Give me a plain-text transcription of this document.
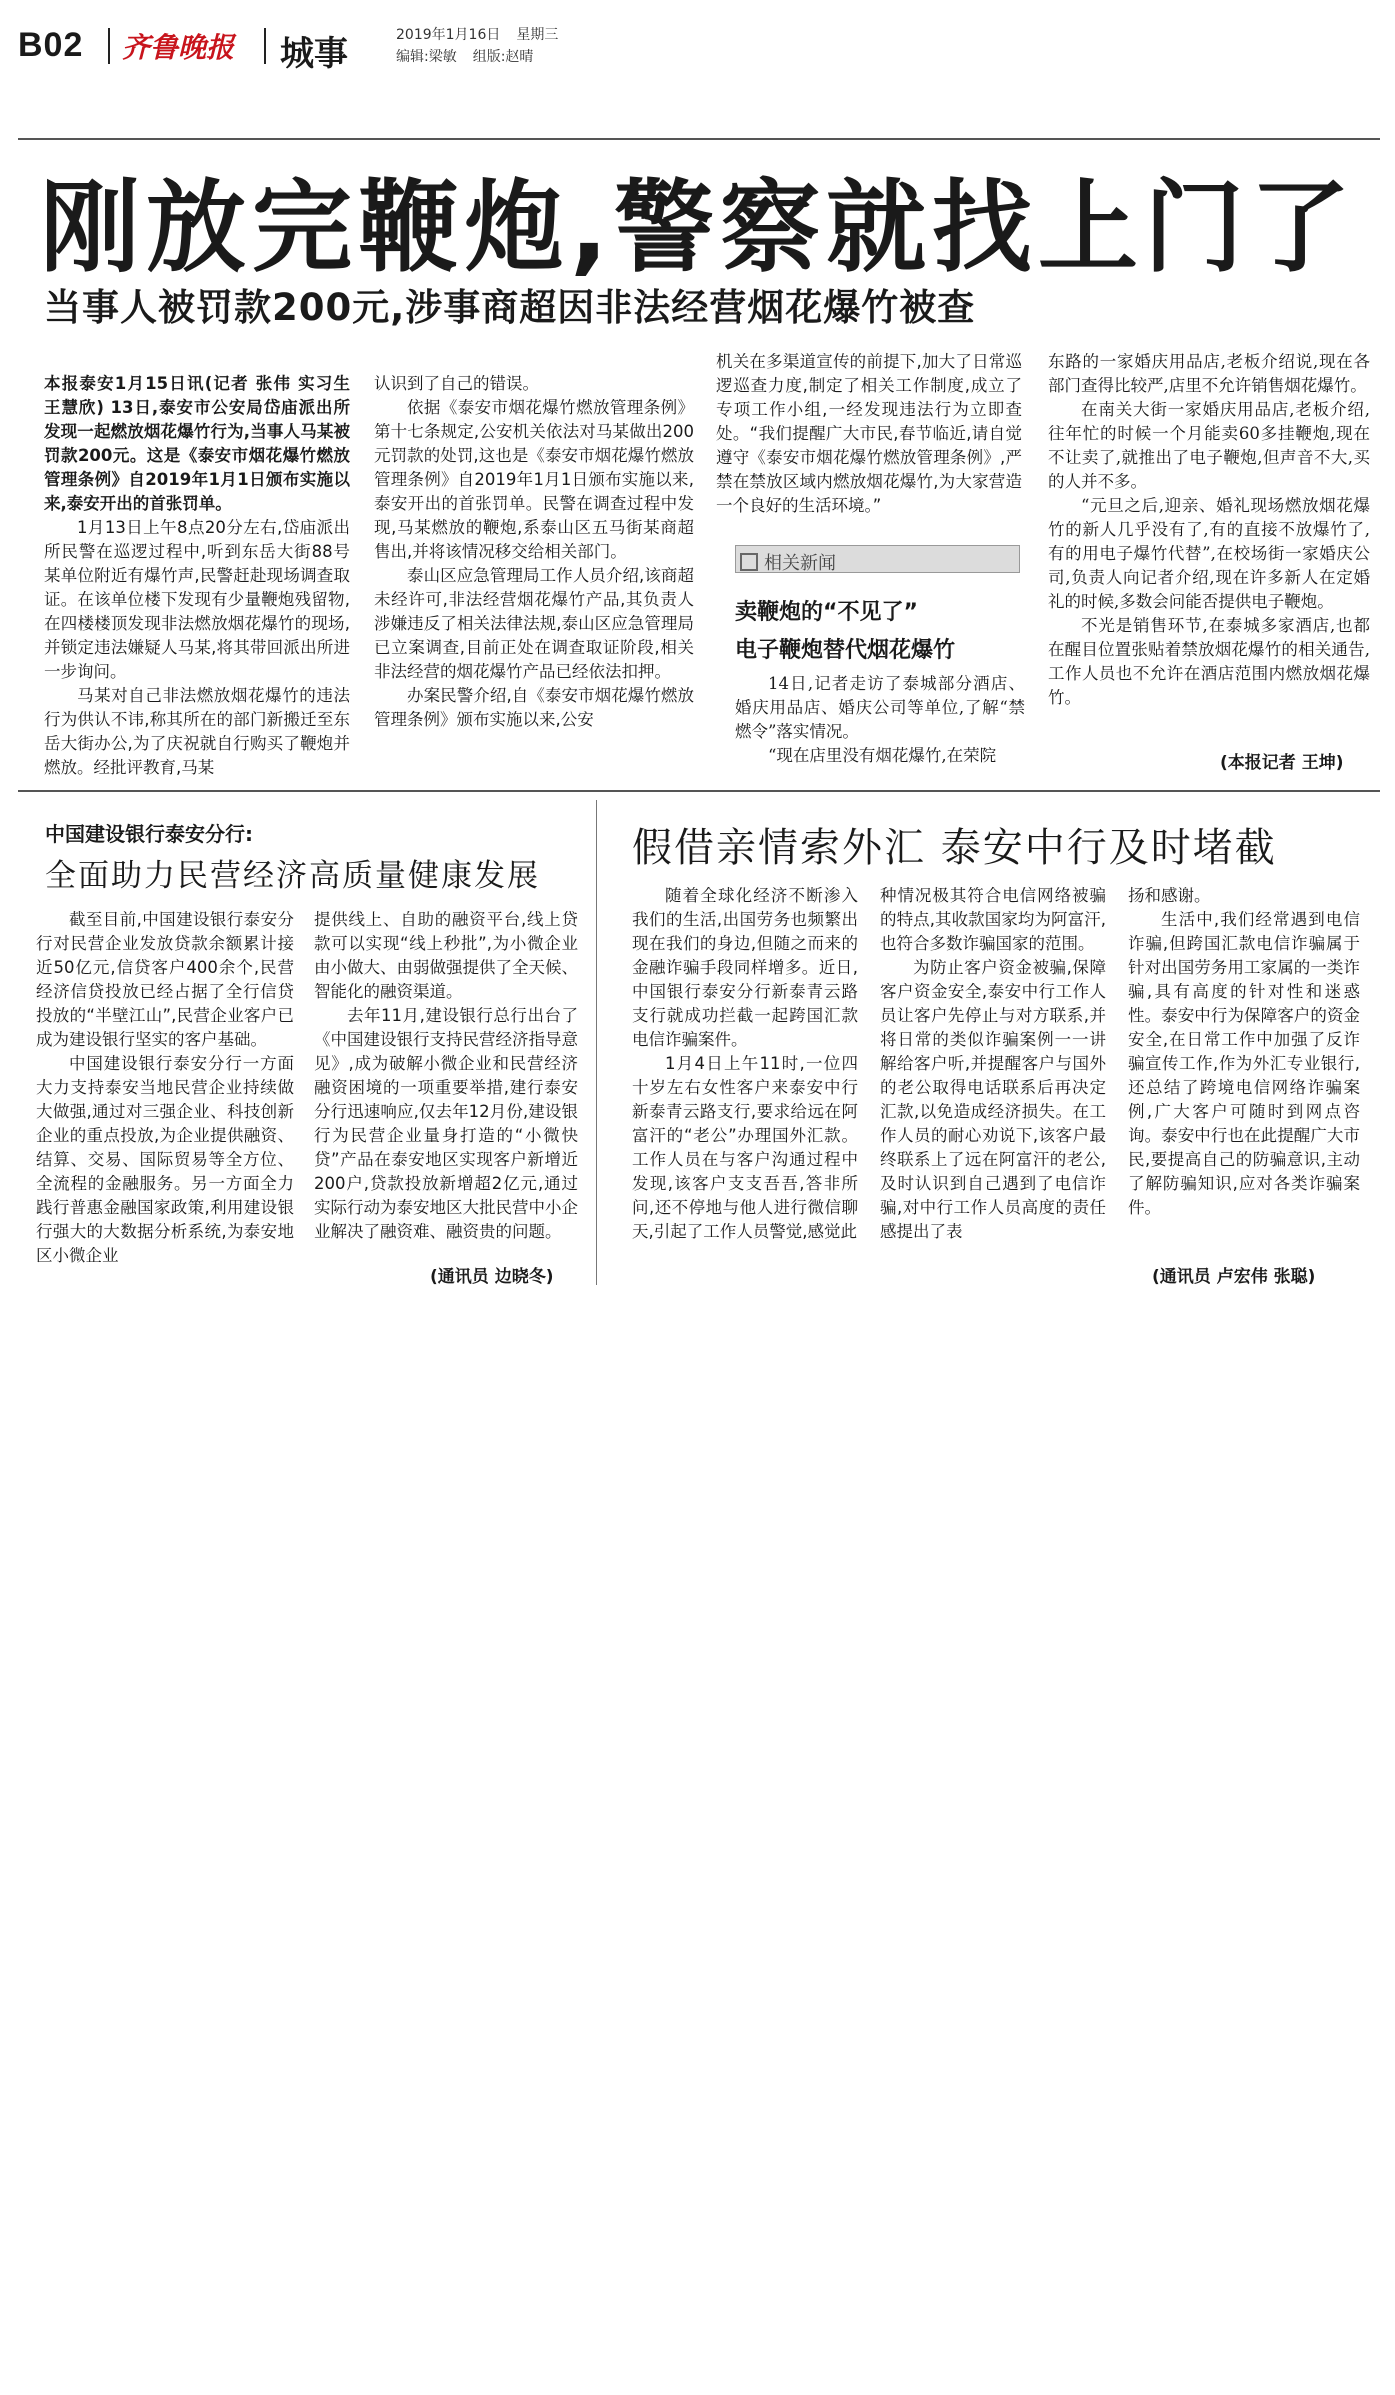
B02 齐鲁晚报 城事	2019年1月16日 星期三
编辑:梁敏 组版:赵晴
刚放完鞭炮,警察就找上门了
当事人被罚款200元,涉事商超因非法经营烟花爆竹被查

本报泰安1月15日讯(记者 张伟 实习生 王慧欣) 13日,泰安市公安局岱庙派出所发现一起燃放烟花爆竹行为,当事人马某被罚款200元。这是《泰安市烟花爆竹燃放管理条例》自2019年1月1日颁布实施以来,泰安开出的首张罚单。

1月13日上午8点20分左右,岱庙派出所民警在巡逻过程中,听到东岳大街88号某单位附近有爆竹声,民警赶赴现场调查取证。在该单位楼下发现有少量鞭炮残留物,在四楼楼顶发现非法燃放烟花爆竹的现场,并锁定违法嫌疑人马某,将其带回派出所进一步询问。

马某对自己非法燃放烟花爆竹的违法行为供认不讳,称其所在的部门新搬迁至东岳大街办公,为了庆祝就自行购买了鞭炮并燃放。经批评教育,马某

认识到了自己的错误。

依据《泰安市烟花爆竹燃放管理条例》第十七条规定,公安机关依法对马某做出200元罚款的处罚,这也是《泰安市烟花爆竹燃放管理条例》自2019年1月1日颁布实施以来,泰安开出的首张罚单。民警在调查过程中发现,马某燃放的鞭炮,系泰山区五马街某商超售出,并将该情况移交给相关部门。

泰山区应急管理局工作人员介绍,该商超未经许可,非法经营烟花爆竹产品,其负责人涉嫌违反了相关法律法规,泰山区应急管理局已立案调查,目前正处在调查取证阶段,相关非法经营的烟花爆竹产品已经依法扣押。

办案民警介绍,自《泰安市烟花爆竹燃放管理条例》颁布实施以来,公安

机关在多渠道宣传的前提下,加大了日常巡逻巡查力度,制定了相关工作制度,成立了专项工作小组,一经发现违法行为立即查处。“我们提醒广大市民,春节临近,请自觉遵守《泰安市烟花爆竹燃放管理条例》,严禁在禁放区域内燃放烟花爆竹,为大家营造一个良好的生活环境。”

相关新闻
卖鞭炮的“不见了”
电子鞭炮替代烟花爆竹

14日,记者走访了泰城部分酒店、婚庆用品店、婚庆公司等单位,了解“禁燃令”落实情况。

“现在店里没有烟花爆竹,在荣院

东路的一家婚庆用品店,老板介绍说,现在各部门查得比较严,店里不允许销售烟花爆竹。

在南关大街一家婚庆用品店,老板介绍,往年忙的时候一个月能卖60多挂鞭炮,现在不让卖了,就推出了电子鞭炮,但声音不大,买的人并不多。

“元旦之后,迎亲、婚礼现场燃放烟花爆竹的新人几乎没有了,有的直接不放爆竹了,有的用电子爆竹代替”,在校场街一家婚庆公司,负责人向记者介绍,现在许多新人在定婚礼的时候,多数会问能否提供电子鞭炮。

不光是销售环节,在泰城多家酒店,也都在醒目位置张贴着禁放烟花爆竹的相关通告,工作人员也不允许在酒店范围内燃放烟花爆竹。

(本报记者 王坤)
中国建设银行泰安分行:
全面助力民营经济高质量健康发展

截至目前,中国建设银行泰安分行对民营企业发放贷款余额累计接近50亿元,信贷客户400余个,民营经济信贷投放已经占据了全行信贷投放的“半壁江山”,民营企业客户已成为建设银行坚实的客户基础。

中国建设银行泰安分行一方面大力支持泰安当地民营企业持续做大做强,通过对三强企业、科技创新企业的重点投放,为企业提供融资、结算、交易、国际贸易等全方位、全流程的金融服务。另一方面全力践行普惠金融国家政策,利用建设银行强大的大数据分析系统,为泰安地区小微企业

提供线上、自助的融资平台,线上贷款可以实现“线上秒批”,为小微企业由小做大、由弱做强提供了全天候、智能化的融资渠道。

去年11月,建设银行总行出台了《中国建设银行支持民营经济指导意见》,成为破解小微企业和民营经济融资困境的一项重要举措,建行泰安分行迅速响应,仅去年12月份,建设银行为民营企业量身打造的“小微快贷”产品在泰安地区实现客户新增近200户,贷款投放新增超2亿元,通过实际行动为泰安地区大批民营中小企业解决了融资难、融资贵的问题。

(通讯员 边晓冬)
假借亲情索外汇 泰安中行及时堵截

随着全球化经济不断渗入我们的生活,出国劳务也频繁出现在我们的身边,但随之而来的金融诈骗手段同样增多。近日,中国银行泰安分行新泰青云路支行就成功拦截一起跨国汇款电信诈骗案件。

1月4日上午11时,一位四十岁左右女性客户来泰安中行新泰青云路支行,要求给远在阿富汗的“老公”办理国外汇款。工作人员在与客户沟通过程中发现,该客户支支吾吾,答非所问,还不停地与他人进行微信聊天,引起了工作人员警觉,感觉此

种情况极其符合电信网络被骗的特点,其收款国家均为阿富汗,也符合多数诈骗国家的范围。

为防止客户资金被骗,保障客户资金安全,泰安中行工作人员让客户先停止与对方联系,并将日常的类似诈骗案例一一讲解给客户听,并提醒客户与国外的老公取得电话联系后再决定汇款,以免造成经济损失。在工作人员的耐心劝说下,该客户最终联系上了远在阿富汗的老公,及时认识到自己遇到了电信诈骗,对中行工作人员高度的责任感提出了表

扬和感谢。

生活中,我们经常遇到电信诈骗,但跨国汇款电信诈骗属于针对出国劳务用工家属的一类诈骗,具有高度的针对性和迷惑性。泰安中行为保障客户的资金安全,在日常工作中加强了反诈骗宣传工作,作为外汇专业银行,还总结了跨境电信网络诈骗案例,广大客户可随时到网点咨询。泰安中行也在此提醒广大市民,要提高自己的防骗意识,主动了解防骗知识,应对各类诈骗案件。

(通讯员 卢宏伟 张聪)
